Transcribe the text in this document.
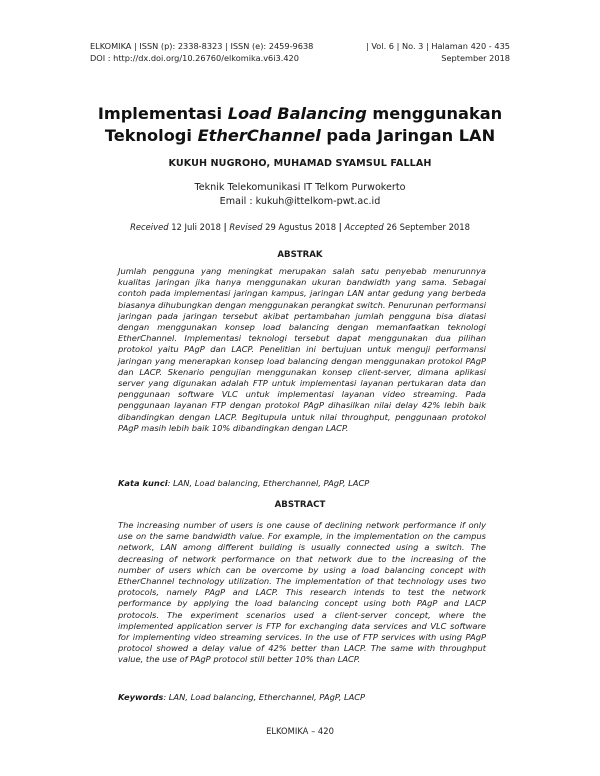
ELKOMIKA | ISSN (p): 2338-8323 | ISSN (e): 2459-9638
DOI : http://dx.doi.org/10.26760/elkomika.v6i3.420
| Vol. 6 | No. 3 | Halaman 420 - 435
September 2018
Implementasi Load Balancing menggunakan
Teknologi EtherChannel pada Jaringan LAN
KUKUH NUGROHO, MUHAMAD SYAMSUL FALLAH
Teknik Telekomunikasi IT Telkom Purwokerto
Email : kukuh@ittelkom-pwt.ac.id
Received 12 Juli 2018 | Revised 29 Agustus 2018 | Accepted 26 September 2018
ABSTRAK
Jumlah pengguna yang meningkat merupakan salah satu penyebab menurunnya kualitas jaringan jika hanya menggunakan ukuran bandwidth yang sama. Sebagai contoh pada implementasi jaringan kampus, jaringan LAN antar gedung yang berbeda biasanya dihubungkan dengan menggunakan perangkat switch. Penurunan performansi jaringan pada jaringan tersebut akibat pertambahan jumlah pengguna bisa diatasi dengan menggunakan konsep load balancing dengan memanfaatkan teknologi EtherChannel. Implementasi teknologi tersebut dapat menggunakan dua pilihan protokol yaitu PAgP dan LACP. Penelitian ini bertujuan untuk menguji performansi jaringan yang menerapkan konsep load balancing dengan menggunakan protokol PAgP dan LACP. Skenario pengujian menggunakan konsep client-server, dimana aplikasi server yang digunakan adalah FTP untuk implementasi layanan pertukaran data dan penggunaan software VLC untuk implementasi layanan video streaming. Pada penggunaan layanan FTP dengan protokol PAgP dihasilkan nilai delay 42% lebih baik dibandingkan dengan LACP. Begitupula untuk nilai throughput, penggunaan protokol PAgP masih lebih baik 10% dibandingkan dengan LACP.
Kata kunci: LAN, Load balancing, Etherchannel, PAgP, LACP
ABSTRACT
The increasing number of users is one cause of declining network performance if only use on the same bandwidth value. For example, in the implementation on the campus network, LAN among different building is usually connected using a switch. The decreasing of network performance on that network due to the increasing of the number of users which can be overcome by using a load balancing concept with EtherChannel technology utilization. The implementation of that technology uses two protocols, namely PAgP and LACP. This research intends to test the network performance by applying the load balancing concept using both PAgP and LACP protocols. The experiment scenarios used a client-server concept, where the implemented application server is FTP for exchanging data services and VLC software for implementing video streaming services. In the use of FTP services with using PAgP protocol showed a delay value of 42% better than LACP. The same with throughput value, the use of PAgP protocol still better 10% than LACP.
Keywords: LAN, Load balancing, Etherchannel, PAgP, LACP
ELKOMIKA – 420
